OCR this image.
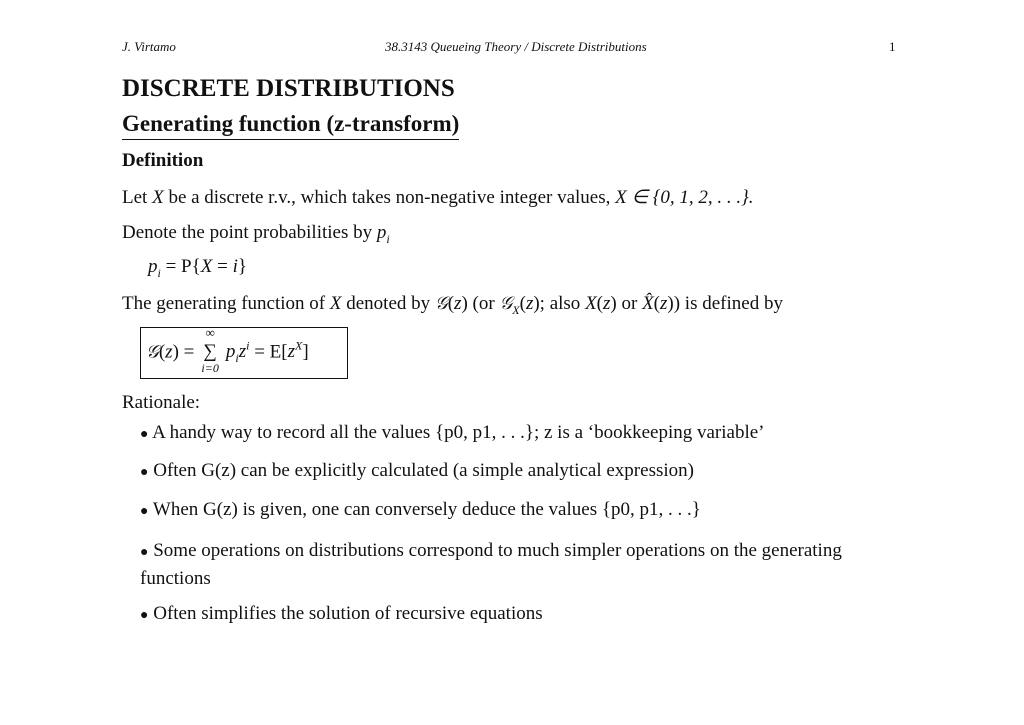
J. Virtamo	38.3143 Queueing Theory / Discrete Distributions	1
DISCRETE DISTRIBUTIONS
Generating function (z-transform)
Definition
Let X be a discrete r.v., which takes non-negative integer values, X ∈ {0, 1, 2, . . .}.
Denote the point probabilities by $p_i$
$p_i = P\{X = i\}$
The generating function of X denoted by 𝒢(z) (or 𝒢$_X$(z); also X(z) or X̂(z)) is defined by
𝒢(z) =
∞
∑
i=0
$p_iz^i = E[z^X]$
Rationale:
● A handy way to record all the values {p0, p1, . . .}; z is a ‘bookkeeping variable’
● Often G(z) can be explicitly calculated (a simple analytical expression)
● When G(z) is given, one can conversely deduce the values {p0, p1, . . .}
● Some operations on distributions correspond to much simpler operations on the generating functions
● Often simplifies the solution of recursive equations
